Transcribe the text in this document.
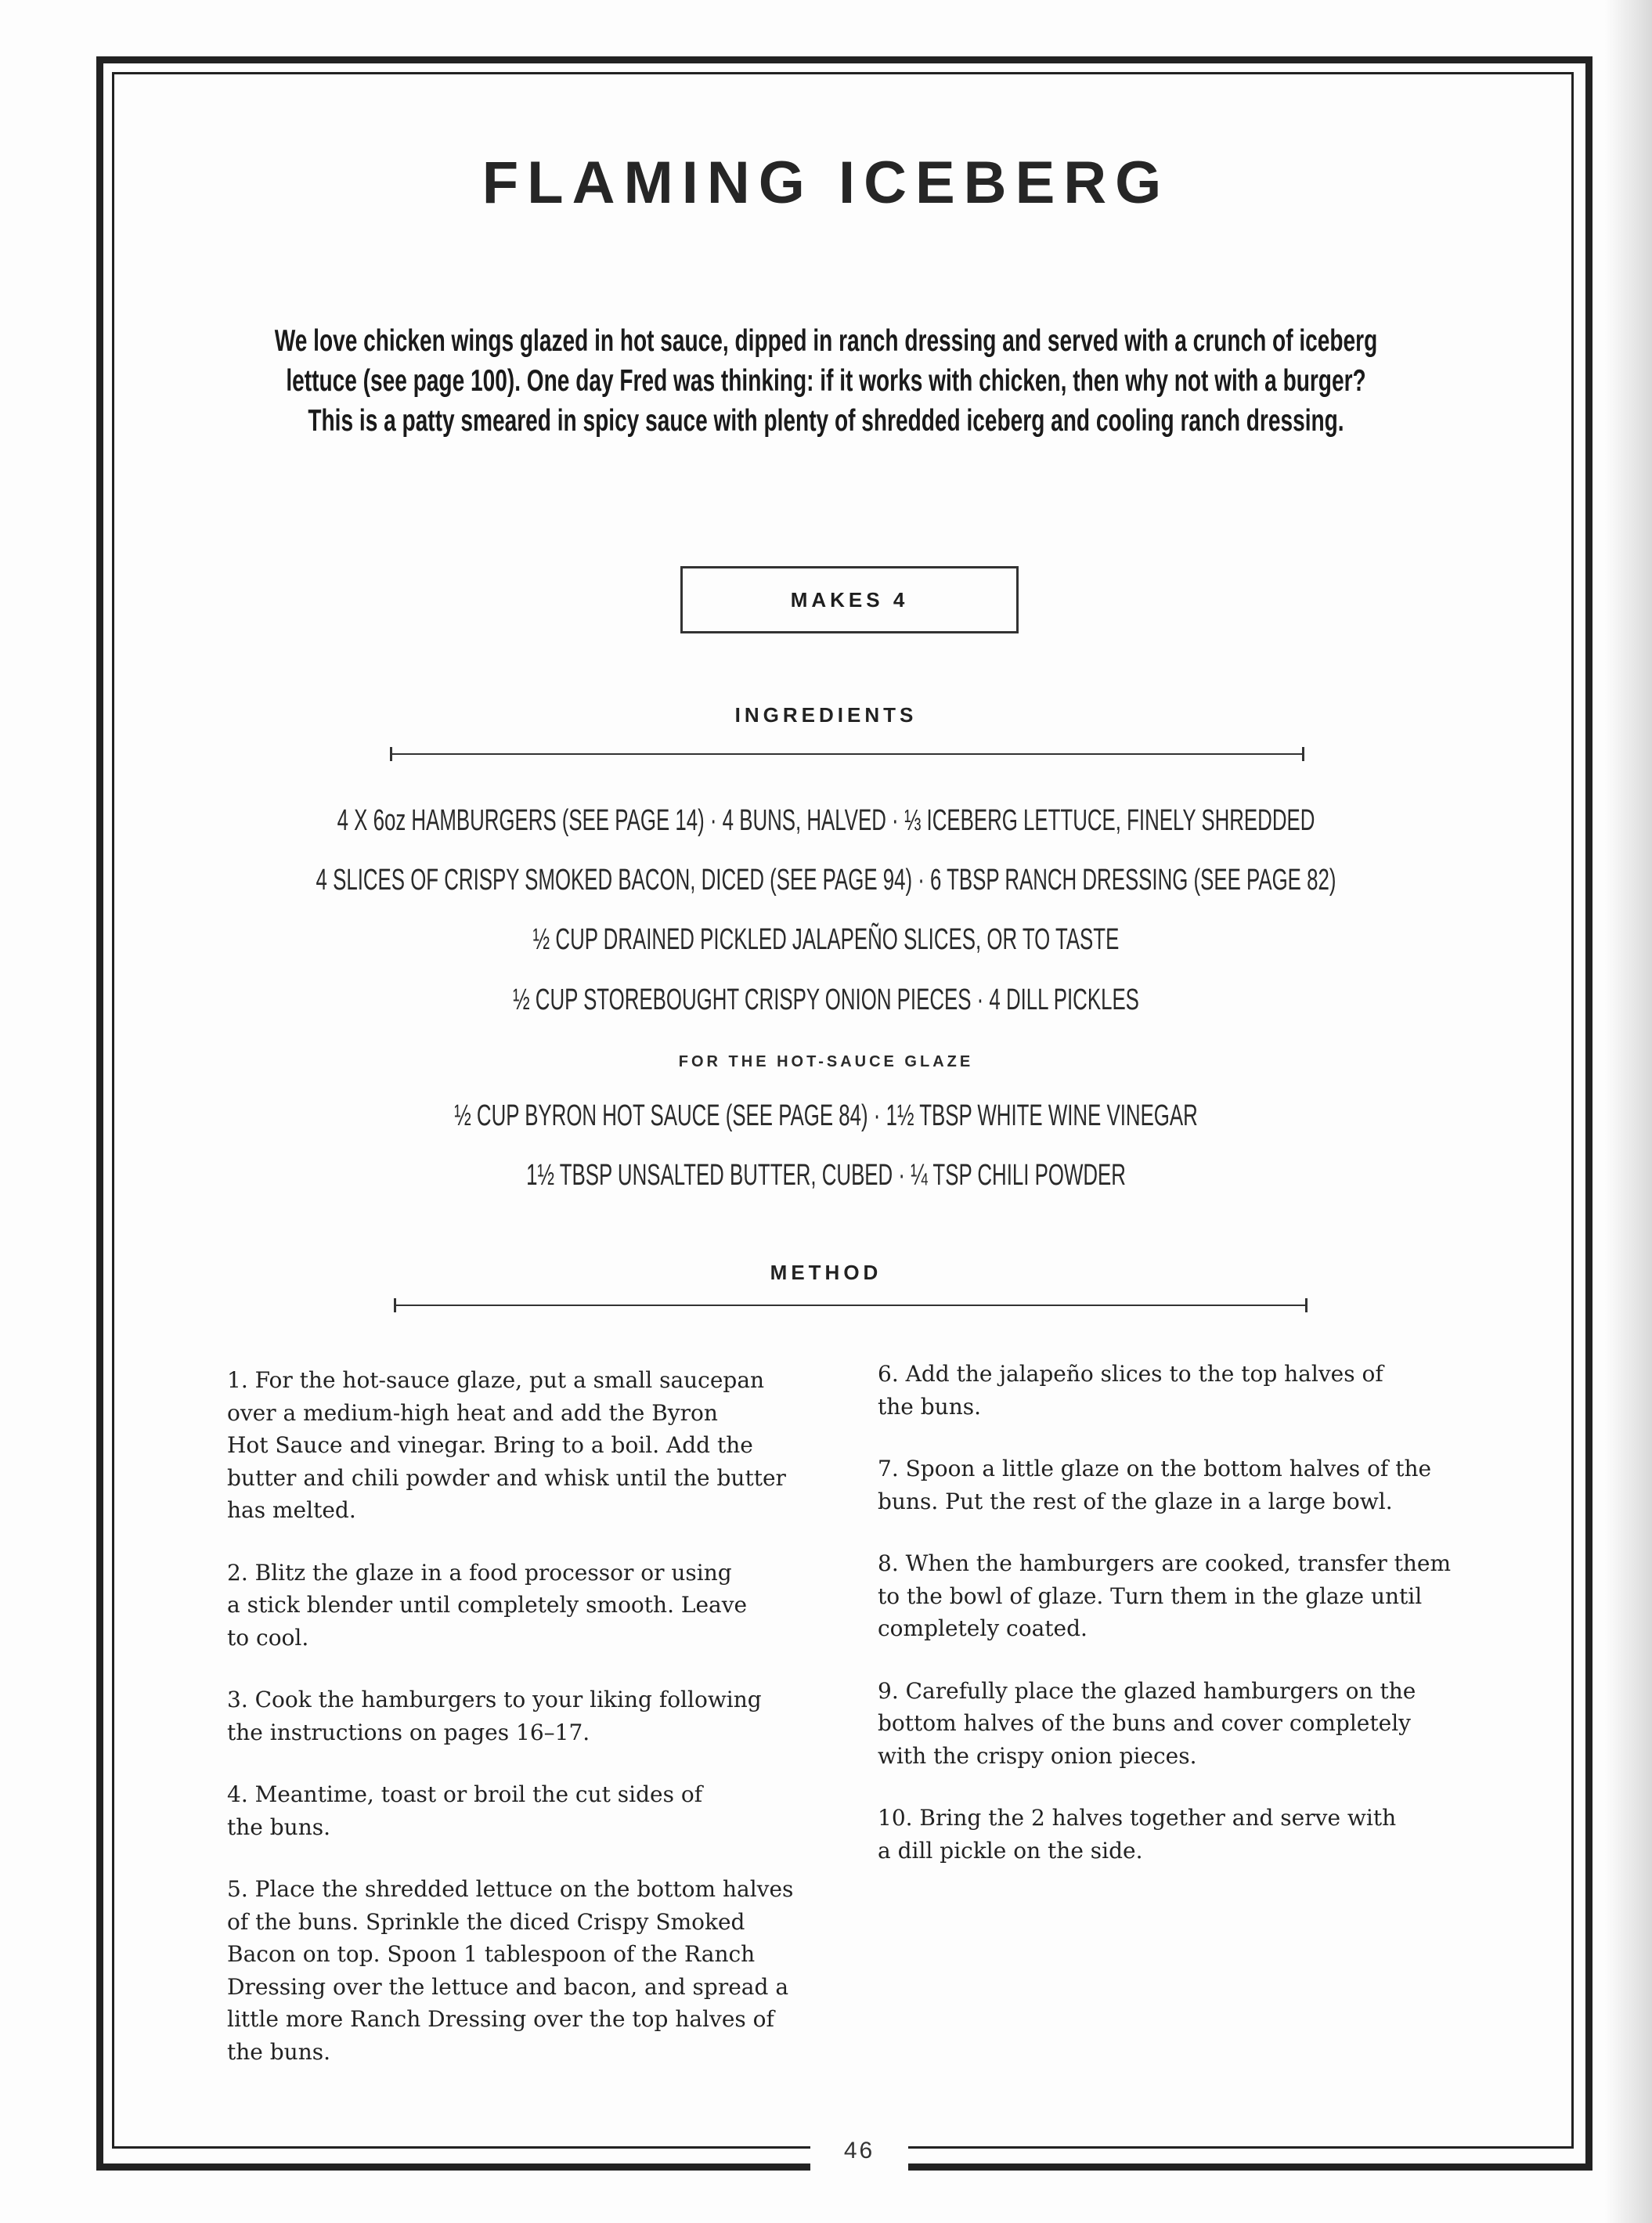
46
FLAMING ICEBERG
We love chicken wings glazed in hot sauce, dipped in ranch dressing and served with a crunch of iceberg
lettuce (see page 100). One day Fred was thinking: if it works with chicken, then why not with a burger?
This is a patty smeared in spicy sauce with plenty of shredded iceberg and cooling ranch dressing.
MAKES 4
INGREDIENTS
4 X 6oz HAMBURGERS (SEE PAGE 14) · 4 BUNS, HALVED · ⅓ ICEBERG LETTUCE, FINELY SHREDDED
4 SLICES OF CRISPY SMOKED BACON, DICED (SEE PAGE 94) · 6 TBSP RANCH DRESSING (SEE PAGE 82)
½ CUP DRAINED PICKLED JALAPEÑO SLICES, OR TO TASTE
½ CUP STOREBOUGHT CRISPY ONION PIECES · 4 DILL PICKLES
FOR THE HOT-SAUCE GLAZE
½ CUP BYRON HOT SAUCE (SEE PAGE 84) · 1½ TBSP WHITE WINE VINEGAR
1½ TBSP UNSALTED BUTTER, CUBED · ¼ TSP CHILI POWDER
METHOD
1. For the hot-sauce glaze, put a small saucepan
over a medium-high heat and add the Byron
Hot Sauce and vinegar. Bring to a boil. Add the
butter and chili powder and whisk until the butter
has melted.
2. Blitz the glaze in a food processor or using
a stick blender until completely smooth. Leave
to cool.
3. Cook the hamburgers to your liking following
the instructions on pages 16–17.
4. Meantime, toast or broil the cut sides of
the buns.
5. Place the shredded lettuce on the bottom halves
of the buns. Sprinkle the diced Crispy Smoked
Bacon on top. Spoon 1 tablespoon of the Ranch
Dressing over the lettuce and bacon, and spread a
little more Ranch Dressing over the top halves of
the buns.
6. Add the jalapeño slices to the top halves of
the buns.
7. Spoon a little glaze on the bottom halves of the
buns. Put the rest of the glaze in a large bowl.
8. When the hamburgers are cooked, transfer them
to the bowl of glaze. Turn them in the glaze until
completely coated.
9. Carefully place the glazed hamburgers on the
bottom halves of the buns and cover completely
with the crispy onion pieces.
10. Bring the 2 halves together and serve with
a dill pickle on the side.
